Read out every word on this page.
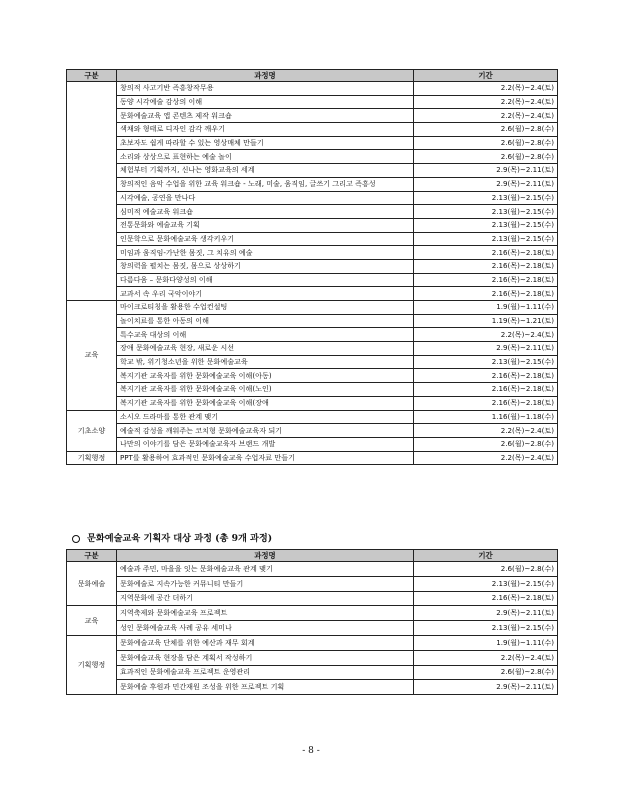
구분	과정명	기간
	창의적 사고기반 즉흥창작무용	2.2(목)~2.4(토)
	동양 시각예술 감상의 이해	2.2(목)~2.4(토)
	문화예술교육 앱 콘텐츠 제작 워크숍	2.2(목)~2.4(토)
	색채와 형태로 디자인 감각 깨우기	2.6(월)~2.8(수)
	초보자도 쉽게 따라할 수 있는 영상매체 만들기	2.6(월)~2.8(수)
	소리와 상상으로 표현하는 예술 놀이	2.6(월)~2.8(수)
	체험부터 기획까지, 신나는 영화교육의 세계	2.9(목)~2.11(토)
	창의적인 음악 수업을 위한 교육 워크숍 - 노래, 미술, 움직임, 글쓰기 그리고 즉흥성	2.9(목)~2.11(토)
	시각예술, 공연을 만나다	2.13(월)~2.15(수)
	심미적 예술교육 워크숍	2.13(월)~2.15(수)
	전통문화와 예술교육 기획	2.13(월)~2.15(수)
	인문학으로 문화예술교육 생각키우기	2.13(월)~2.15(수)
	미임과 움직임-가난한 몸짓, 그 치유의 예술	2.16(목)~2.18(토)
	창의력을 펼치는 몸짓, 몸으로 상상하기	2.16(목)~2.18(토)
	다름다움 – 문화다양성의 이해	2.16(목)~2.18(토)
	교과서 속 우리 국악이야기	2.16(목)~2.18(토)
교육	마이크로티칭을 활용한 수업컨설팅	1.9(월)~1.11(수)
	놀이치료를 통한 아동의 이해	1.19(목)~1.21(토)
	특수교육 대상의 이해	2.2(목)~2.4(토)
	장애 문화예술교육 현장, 새로운 시선	2.9(목)~2.11(토)
	학교 밖, 위기청소년을 위한 문화예술교육	2.13(월)~2.15(수)
	복지기관 교육자를 위한 문화예술교육 이해(아동)	2.16(목)~2.18(토)
	복지기관 교육자를 위한 문화예술교육 이해(노인)	2.16(목)~2.18(토)
	복지기관 교육자를 위한 문화예술교육 이해(장애	2.16(목)~2.18(토)
기초소양	소시오 드라마를 통한 관계 맺기	1.16(월)~1.18(수)
	예술적 감성을 깨워주는 코치형 문화예술교육자 되기	2.2(목)~2.4(토)
	나만의 이야기를 담은 문화예술교육자 브랜드 개발	2.6(월)~2.8(수)
기획행정	PPT를 활용하여 효과적인 문화예술교육 수업자료 만들기	2.2(목)~2.4(토)
문화예술교육 기획자 대상 과정 (총 9개 과정)
구분	과정명	기간
문화예술	예술과 주민, 마을을 잇는 문화예술교육 관계 맺기	2.6(월)~2.8(수)
	문화예술로 지속가능한 커뮤니티 만들기	2.13(월)~2.15(수)
	지역문화에 공간 더하기	2.16(목)~2.18(토)
교육	지역축제와 문화예술교육 프로젝트	2.9(목)~2.11(토)
	성인 문화예술교육 사례 공유 세미나	2.13(월)~2.15(수)
기획행정	문화예술교육 단체를 위한 예산과 재무 회계	1.9(월)~1.11(수)
	문화예술교육 현장을 담은 계획서 작성하기	2.2(목)~2.4(토)
	효과적인 문화예술교육 프로젝트 운영관리	2.6(월)~2.8(수)
	문화예술 후원과 민간재원 조성을 위한 프로젝트 기획	2.9(목)~2.11(토)
- 8 -
